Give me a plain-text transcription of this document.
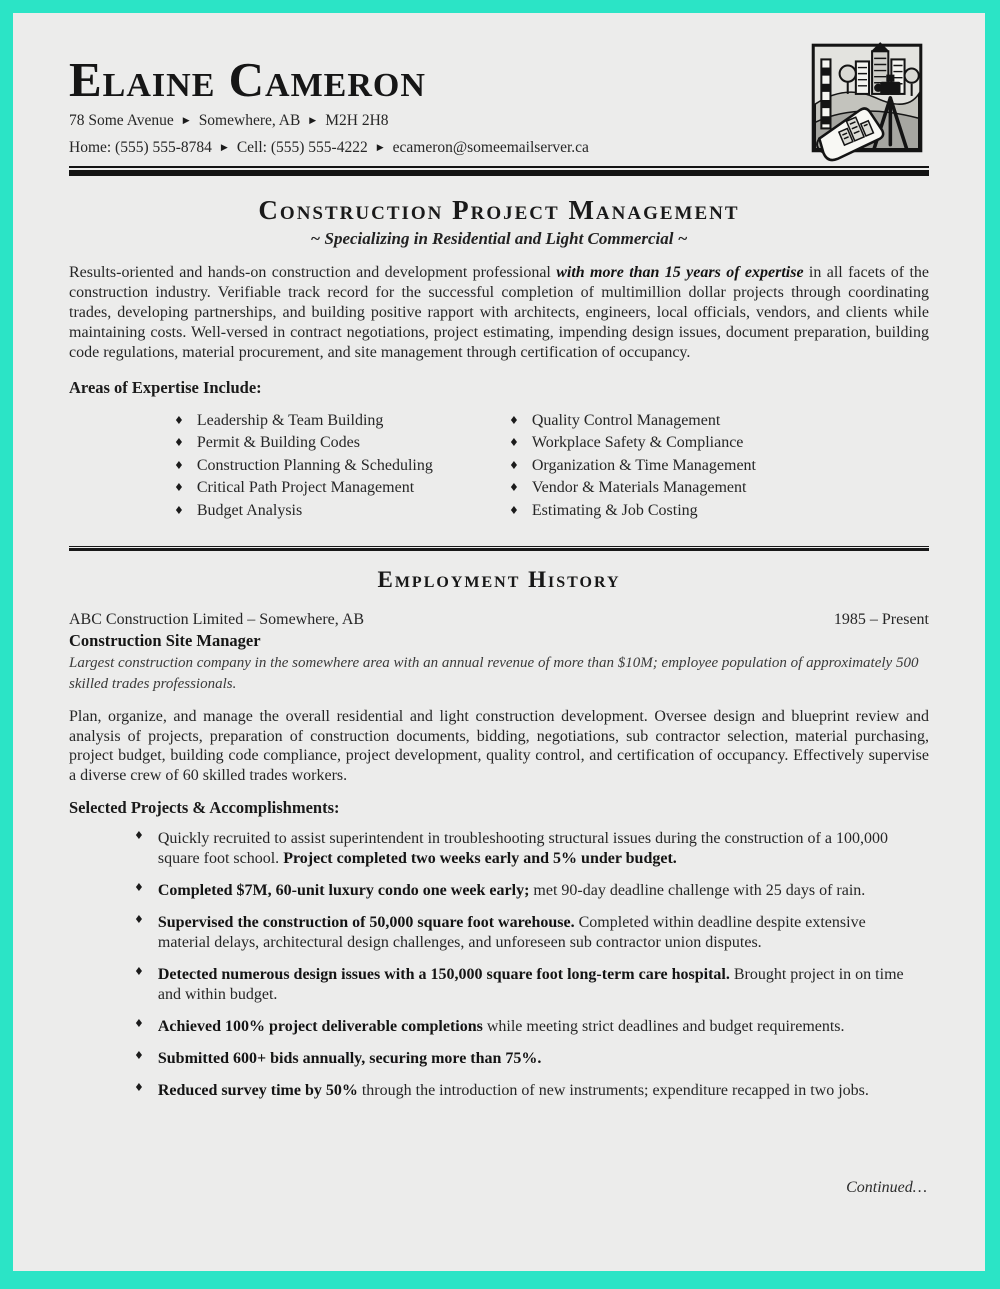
Elaine Cameron
78 Some Avenue ▶ Somewhere, AB ▶ M2H 2H8
Home: (555) 555-8784 ▶ Cell: (555) 555-4222 ▶ ecameron@someemailserver.ca
Construction Project Management

~ Specializing in Residential and Light Commercial ~

Results-oriented and hands-on construction and development professional with more than 15 years of expertise in all facets of the construction industry. Verifiable track record for the successful completion of multimillion dollar projects through coordinating trades, developing partnerships, and building positive rapport with architects, engineers, local officials, vendors, and clients while maintaining costs. Well-versed in contract negotiations, project estimating, impending design issues, document preparation, building code regulations, material procurement, and site management through certification of occupancy.

Areas of Expertise Include:

♦ Leadership & Team Building
♦ Permit & Building Codes
♦ Construction Planning & Scheduling
♦ Critical Path Project Management
♦ Budget Analysis
♦ Quality Control Management
♦ Workplace Safety & Compliance
♦ Organization & Time Management
♦ Vendor & Materials Management
♦ Estimating & Job Costing
Employment History
ABC Construction Limited – Somewhere, AB	1985 – Present
Construction Site Manager

Largest construction company in the somewhere area with an annual revenue of more than $10M; employee population of approximately 500 skilled trades professionals.

Plan, organize, and manage the overall residential and light construction development. Oversee design and blueprint review and analysis of projects, preparation of construction documents, bidding, negotiations, sub contractor selection, material purchasing, project budget, building code compliance, project development, quality control, and certification of occupancy. Effectively supervise a diverse crew of 60 skilled trades workers.

Selected Projects & Accomplishments:

♦ Quickly recruited to assist superintendent in troubleshooting structural issues during the construction of a 100,000 square foot school. Project completed two weeks early and 5% under budget.

♦ Completed $7M, 60-unit luxury condo one week early; met 90-day deadline challenge with 25 days of rain.

♦ Supervised the construction of 50,000 square foot warehouse. Completed within deadline despite extensive material delays, architectural design challenges, and unforeseen sub contractor union disputes.

♦ Detected numerous design issues with a 150,000 square foot long-term care hospital. Brought project in on time and within budget.

♦ Achieved 100% project deliverable completions while meeting strict deadlines and budget requirements.

♦ Submitted 600+ bids annually, securing more than 75%.

♦ Reduced survey time by 50% through the introduction of new instruments; expenditure recapped in two jobs.

Continued…
